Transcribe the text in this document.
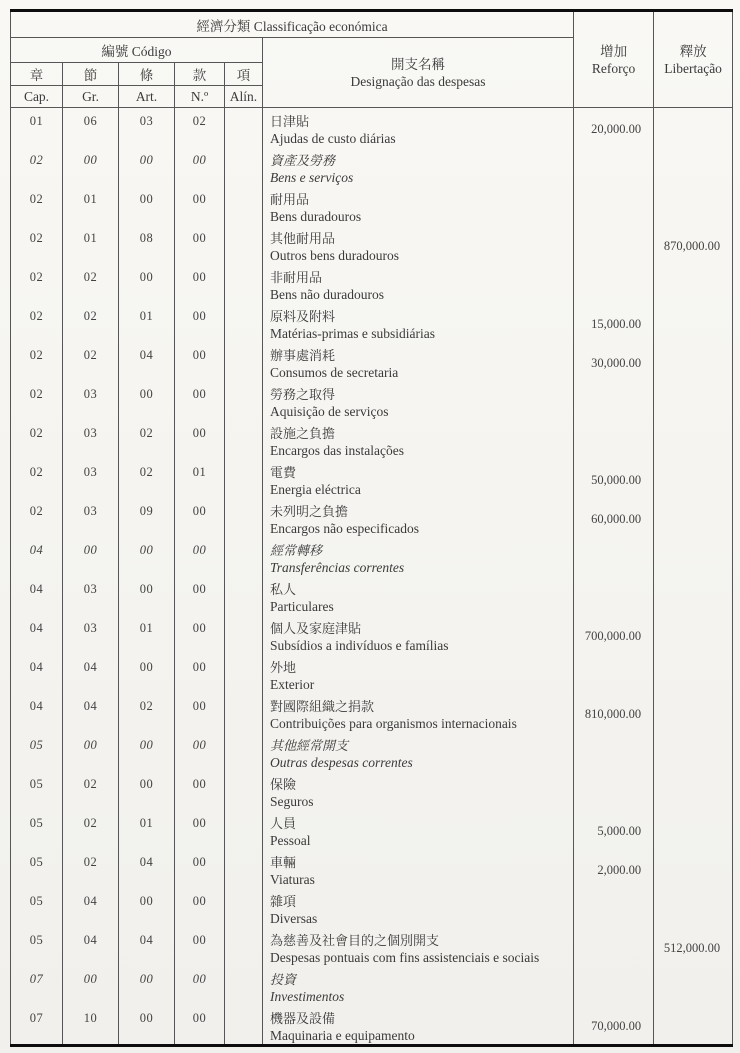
經濟分類 Classificação económica	
增加
Reforço

釋放
Libertação

編號 Código					開支名稱
Designação das despesas		

章	節	條	款	項			
Cap.	Gr.	Art.	N.º	Alín.			
01	06	03	02		日津貼
Ajudas de custo diárias	20,000.00	
02	00	00	00		資產及勞務
Bens e serviços		

02	01	00	00		耐用品
Bens duradouros		

02	01	08	00		其他耐用品
Outros bens duradouros		870,000.00
02	02	00	00		非耐用品
Bens não duradouros		

02	02	01	00		原料及附料
Matérias-primas e subsidiárias	15,000.00	
02	02	04	00		辦事處消耗
Consumos de secretaria	30,000.00	
02	03	00	00		勞務之取得
Aquisição de serviços		

02	03	02	00		設施之負擔
Encargos das instalações		

02	03	02	01		電費
Energia eléctrica	50,000.00	
02	03	09	00		未列明之負擔
Encargos não especificados	60,000.00	
04	00	00	00		經常轉移
Transferências correntes		

04	03	00	00		私人
Particulares		

04	03	01	00		個人及家庭津貼
Subsídios a indivíduos e famílias	700,000.00	
04	04	00	00		外地
Exterior		

04	04	02	00		對國際組織之捐款
Contribuições para organismos internacionais	810,000.00	
05	00	00	00		其他經常開支
Outras despesas correntes		

05	02	00	00		保險
Seguros		

05	02	01	00		人員
Pessoal	5,000.00	
05	02	04	00		車輛
Viaturas	2,000.00	
05	04	00	00		雜項
Diversas		

05	04	04	00		為慈善及社會目的之個別開支
Despesas pontuais com fins assistenciais e sociais		512,000.00
07	00	00	00		投資
Investimentos		

07	10	00	00		機器及設備
Maquinaria e equipamento	70,000.00	
